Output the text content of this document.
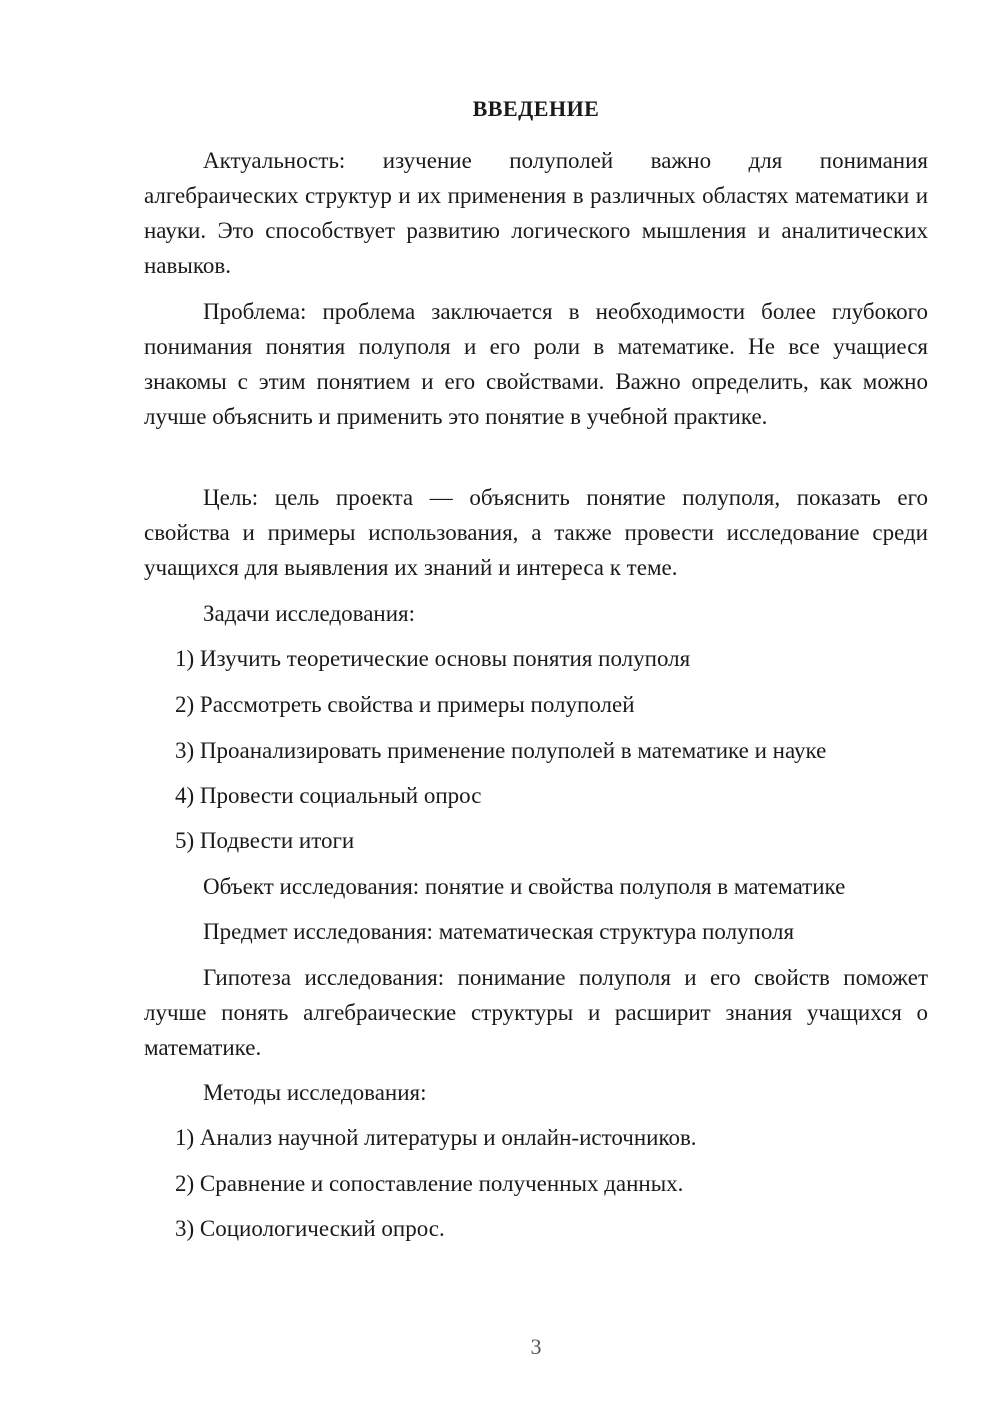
ВВЕДЕНИЕ
Актуальность: изучение полуполей важно для понимания алгебраических структур и их применения в различных областях математики и науки. Это способствует развитию логического мышления и аналитических навыков.
Проблема: проблема заключается в необходимости более глубокого понимания понятия полуполя и его роли в математике. Не все учащиеся знакомы с этим понятием и его свойствами. Важно определить, как можно лучше объяснить и применить это понятие в учебной практике.
Цель: цель проекта — объяснить понятие полуполя, показать его свойства и примеры использования, а также провести исследование среди учащихся для выявления их знаний и интереса к теме.
Задачи исследования:
1) Изучить теоретические основы понятия полуполя
2) Рассмотреть свойства и примеры полуполей
3) Проанализировать применение полуполей в математике и науке
4) Провести социальный опрос
5) Подвести итоги
Объект исследования: понятие и свойства полуполя в математике
Предмет исследования: математическая структура полуполя
Гипотеза исследования: понимание полуполя и его свойств поможет лучше понять алгебраические структуры и расширит знания учащихся о математике.
Методы исследования:
1) Анализ научной литературы и онлайн-источников.
2) Сравнение и сопоставление полученных данных.
3) Социологический опрос.
3
